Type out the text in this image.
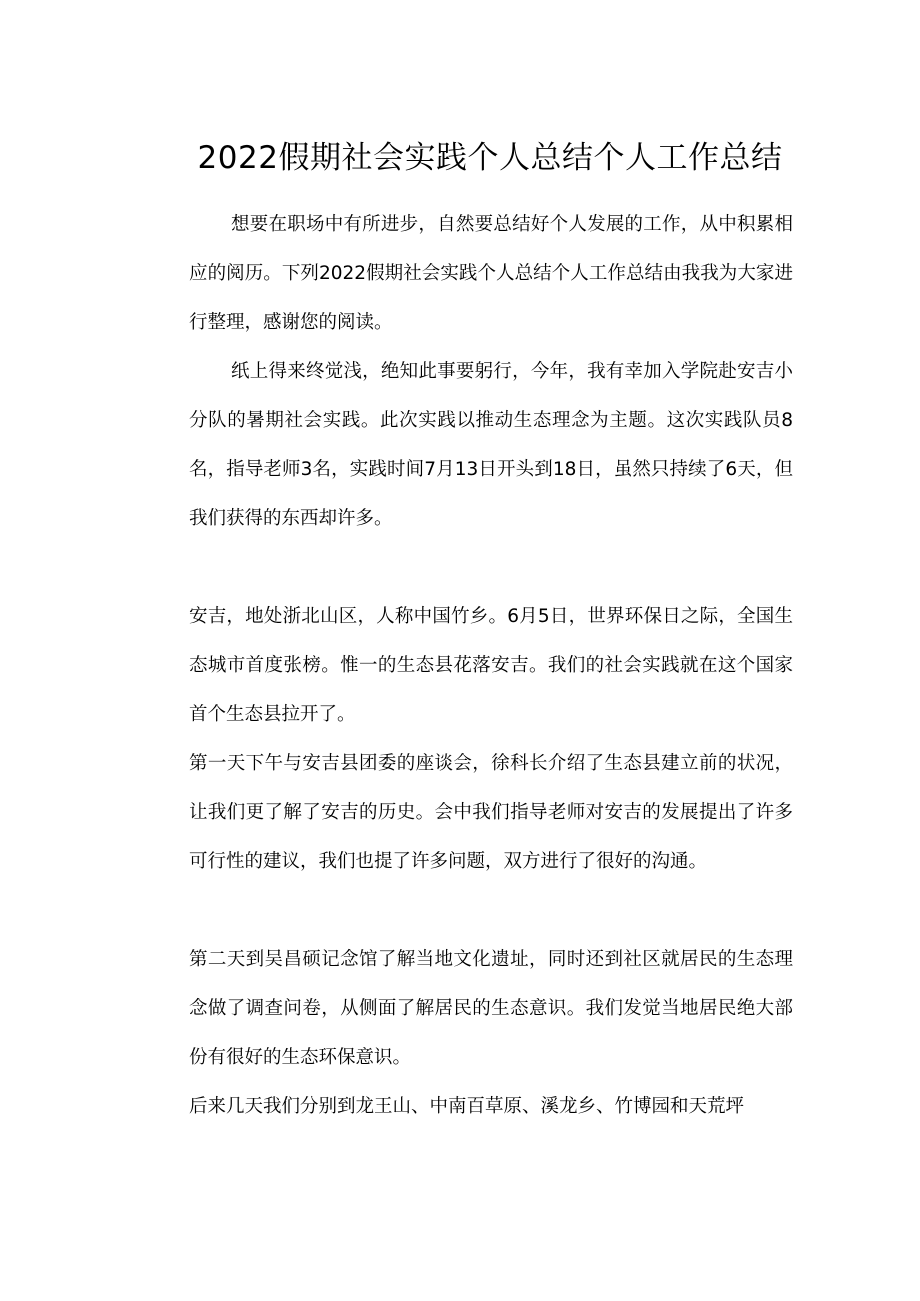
2022假期社会实践个人总结个人工作总结

想要在职场中有所进步，自然要总结好个人发展的工作，从中积累相应的阅历。下列2022假期社会实践个人总结个人工作总结由我我为大家进行整理，感谢您的阅读。

纸上得来终觉浅，绝知此事要躬行，今年，我有幸加入学院赴安吉小分队的暑期社会实践。此次实践以推动生态理念为主题。这次实践队员8名，指导老师3名，实践时间7月13日开头到18日，虽然只持续了6天，但我们获得的东西却许多。

安吉，地处浙北山区，人称中国竹乡。6月5日，世界环保日之际，全国生态城市首度张榜。惟一的生态县花落安吉。我们的社会实践就在这个国家首个生态县拉开了。

第一天下午与安吉县团委的座谈会，徐科长介绍了生态县建立前的状况，让我们更了解了安吉的历史。会中我们指导老师对安吉的发展提出了许多可行性的建议，我们也提了许多问题，双方进行了很好的沟通。

第二天到吴昌硕记念馆了解当地文化遗址，同时还到社区就居民的生态理念做了调查问卷，从侧面了解居民的生态意识。我们发觉当地居民绝大部份有很好的生态环保意识。

后来几天我们分别到龙王山、中南百草原、溪龙乡、竹博园和天荒坪
